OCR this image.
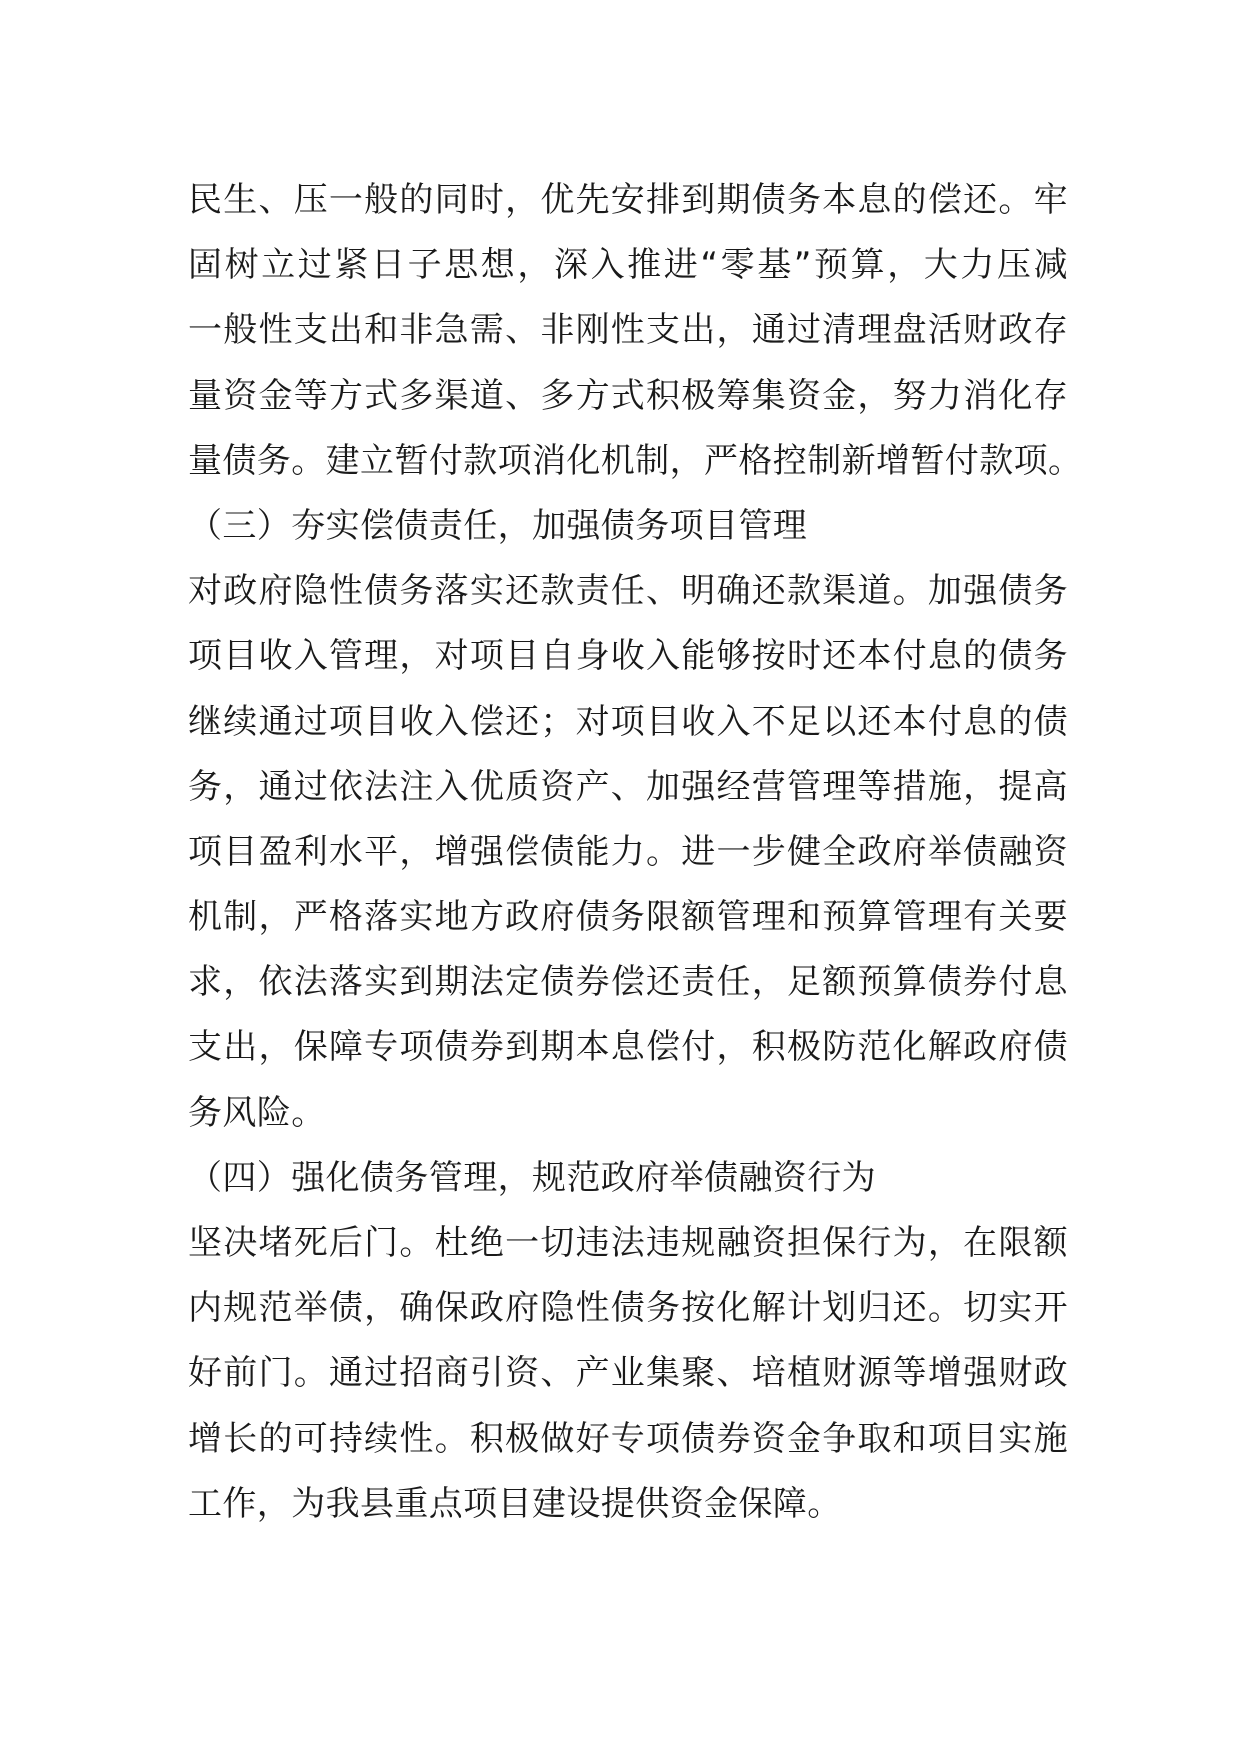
民生、压一般的同时，优先安排到期债务本息的偿还。牢
固树立过紧日子思想，深入推进“零基”预算，大力压减
一般性支出和非急需、非刚性支出，通过清理盘活财政存
量资金等方式多渠道、多方式积极筹集资金，努力消化存
量债务。建立暂付款项消化机制，严格控制新增暂付款项。
（三）夯实偿债责任，加强债务项目管理
对政府隐性债务落实还款责任、明确还款渠道。加强债务
项目收入管理，对项目自身收入能够按时还本付息的债务
继续通过项目收入偿还；对项目收入不足以还本付息的债
务，通过依法注入优质资产、加强经营管理等措施，提高
项目盈利水平，增强偿债能力。进一步健全政府举债融资
机制，严格落实地方政府债务限额管理和预算管理有关要
求，依法落实到期法定债券偿还责任，足额预算债券付息
支出，保障专项债券到期本息偿付，积极防范化解政府债
务风险。
（四）强化债务管理，规范政府举债融资行为
坚决堵死后门。杜绝一切违法违规融资担保行为，在限额
内规范举债，确保政府隐性债务按化解计划归还。切实开
好前门。通过招商引资、产业集聚、培植财源等增强财政
增长的可持续性。积极做好专项债券资金争取和项目实施
工作，为我县重点项目建设提供资金保障。
